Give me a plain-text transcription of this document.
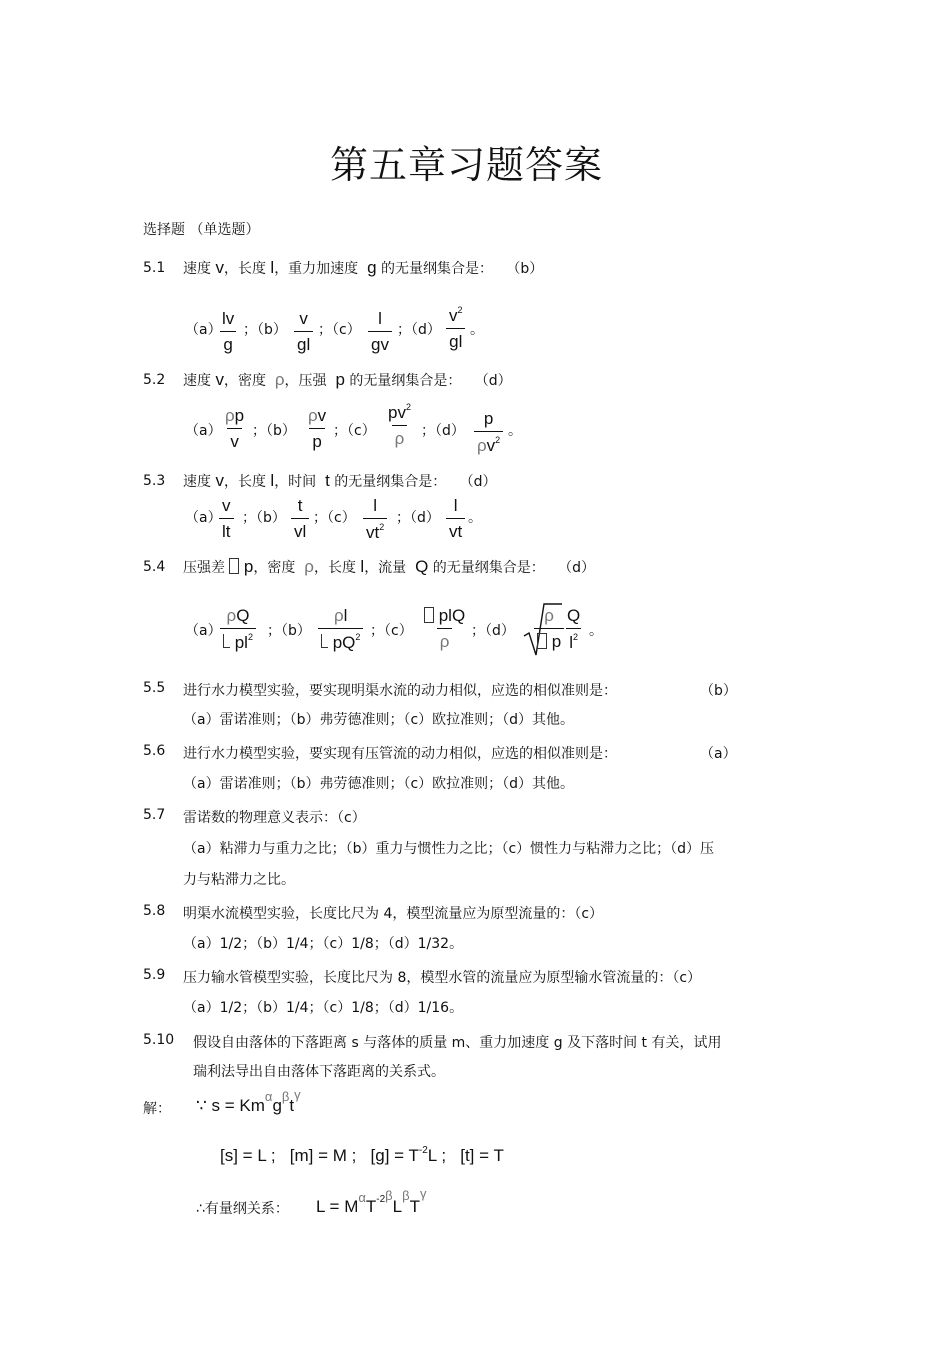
第五章习题答案
选择题 （单选题）
5.1 速度 v，长度 l，重力加速度  g 的无量纲集合是：   （b）
（a）
$\frac{lv}{g}$ ；$(b) \frac{v}{gl}$ ；$(c) \frac{l}{gv}$ ；$(d) \frac{v^2}{gl}$ 。
5.2 速度 v，密度  ρ，压强  p 的无量纲集合是：   （d）
$(a) \frac{\rho p}{v}$ ；$(b) \frac{\rho v}{p}$ ；$(c) \frac{pv^2}{\rho}$ ；$(d) \frac{p}{\rho v^2}$ 。
5.3 速度 v，长度 l，时间  t 的无量纲集合是：   （d）
（a）
$\frac{v}{lt}$ ；$(b) \frac{t}{vl}$ ；$(c) \frac{l}{vt^2}$ ；$(d) \frac{l}{vt}$ 。
5.4 压强差  p，密度  ρ，长度 l，流量  Q 的无量纲集合是：   （d）
（a）
$\frac{\rho Q}{pl^2}$ ；$(b) \frac{\rho l}{pQ^2}$ ；（c）
plQ
ρ
；$(d) \frac{\rho}{p} \frac{Q}{l^2}$ 。
5.5 进行水力模型实验，要实现明渠水流的动力相似，应选的相似准则是：	（b）
（a）雷诺准则；（b）弗劳德准则；（c）欧拉准则；（d）其他。
5.6 进行水力模型实验，要实现有压管流的动力相似，应选的相似准则是：	（a）
（a）雷诺准则；（b）弗劳德准则；（c）欧拉准则；（d）其他。
5.7 雷诺数的物理意义表示：（c）
（a）粘滞力与重力之比；（b）重力与惯性力之比；（c）惯性力与粘滞力之比；（d）压
力与粘滞力之比。
5.8 明渠水流模型实验，长度比尺为 4，模型流量应为原型流量的：（c）
（a）1/2；（b）1/4；（c）1/8；（d）1/32。
5.9 压力输水管模型实验，长度比尺为 8，模型水管的流量应为原型输水管流量的：（c）
（a）1/2；（b）1/4；（c）1/8；（d）1/16。
5.10 假设自由落体的下落距离 s 与落体的质量 m、重力加速度 g 及下落时间 t 有关，试用
瑞利法导出自由落体下落距离的关系式。
解： ∵ $s = Km^\alpha g^\beta t^\gamma$
[s] = L ;   [m] = M ;   $[g] = T^{-2}L$ ;   [t] = T
∴有量纲关系： $L = M^\alpha T^{-2\beta}L^\beta T^\gamma$
